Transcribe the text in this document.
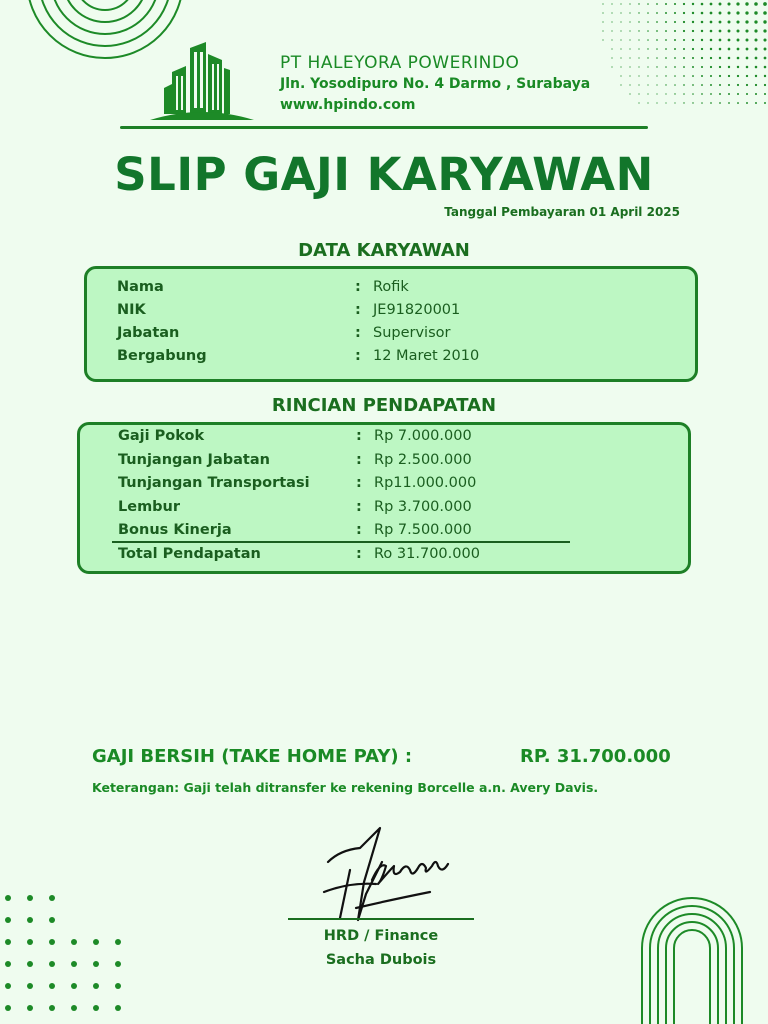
PT HALEYORA POWERINDO
Jln. Yosodipuro No. 4 Darmo , Surabaya
www.hpindo.com
SLIP GAJI KARYAWAN
Tanggal Pembayaran 01 April 2025
DATA KARYAWAN
Nama	: Rofik
NIK	: JE91820001
Jabatan	: Supervisor
Bergabung	: 12 Maret 2010
RINCIAN PENDAPATAN
Gaji Pokok	: Rp 7.000.000
Tunjangan Jabatan	: Rp 2.500.000
Tunjangan Transportasi	: Rp11.000.000
Lembur	: Rp 3.700.000
Bonus Kinerja	: Rp 7.500.000
Total Pendapatan	: Ro 31.700.000
GAJI BERSIH (TAKE HOME PAY) :	RP. 31.700.000
Keterangan: Gaji telah ditransfer ke rekening Borcelle a.n. Avery Davis.
HRD / Finance
Sacha Dubois
